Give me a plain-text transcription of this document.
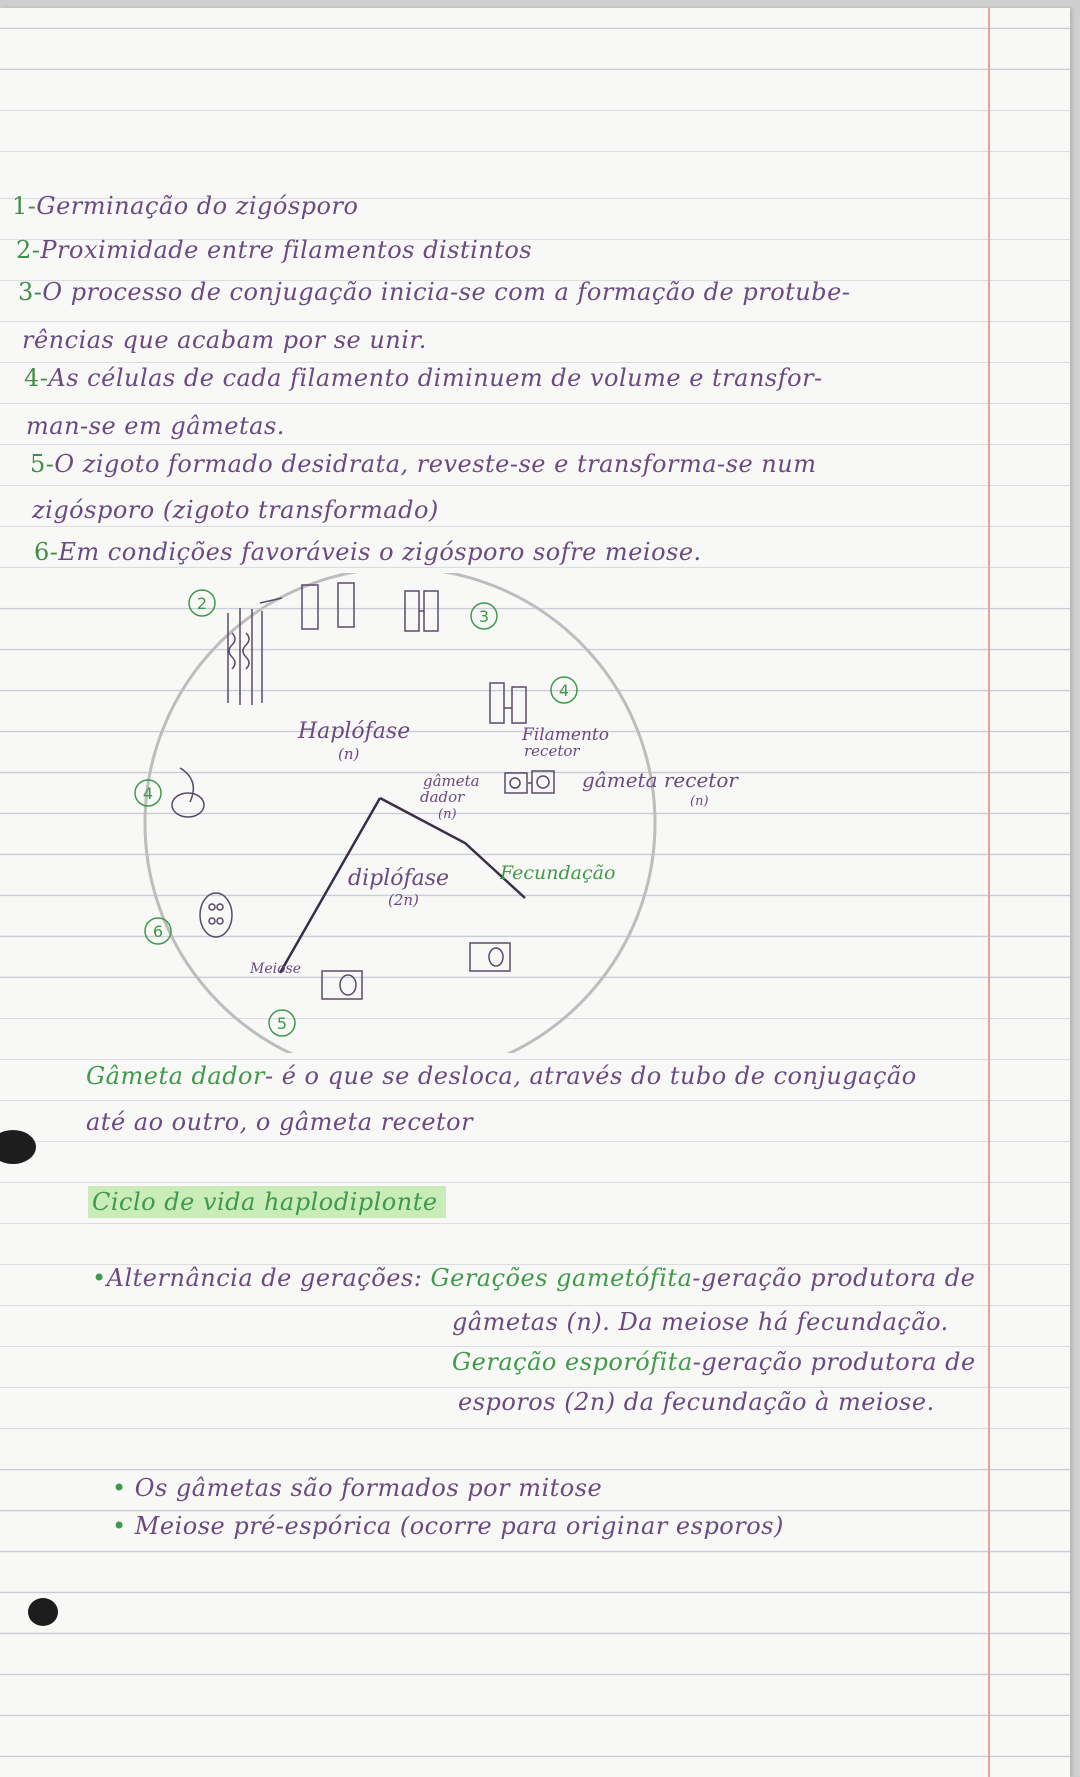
1-Germinação do zigósporo
2-Proximidade entre filamentos distintos
3-O processo de conjugação inicia-se com a formação de protube-
rências que acabam por se unir.
4-As células de cada filamento diminuem de volume e transfor-
man-se em gâmetas.
5-O zigoto formado desidrata, reveste-se e transforma-se num
zigósporo (zigoto transformado)
6-Em condições favoráveis o zigósporo sofre meiose.
2
3
4
4
5
6
Haplófase
(n)
Filamento
recetor
gâmeta
dador
(n)
gâmeta recetor
(n)
diplófase
(2n)
Fecundação
Meiose
Gâmeta dador- é o que se desloca, através do tubo de conjugação
até ao outro, o gâmeta recetor
Ciclo de vida haplodiplonte
•Alternância de gerações: Gerações gametófita-geração produtora de
gâmetas (n). Da meiose há fecundação.
Geração esporófita-geração produtora de
esporos (2n) da fecundação à meiose.
• Os gâmetas são formados por mitose
• Meiose pré-espórica (ocorre para originar esporos)
